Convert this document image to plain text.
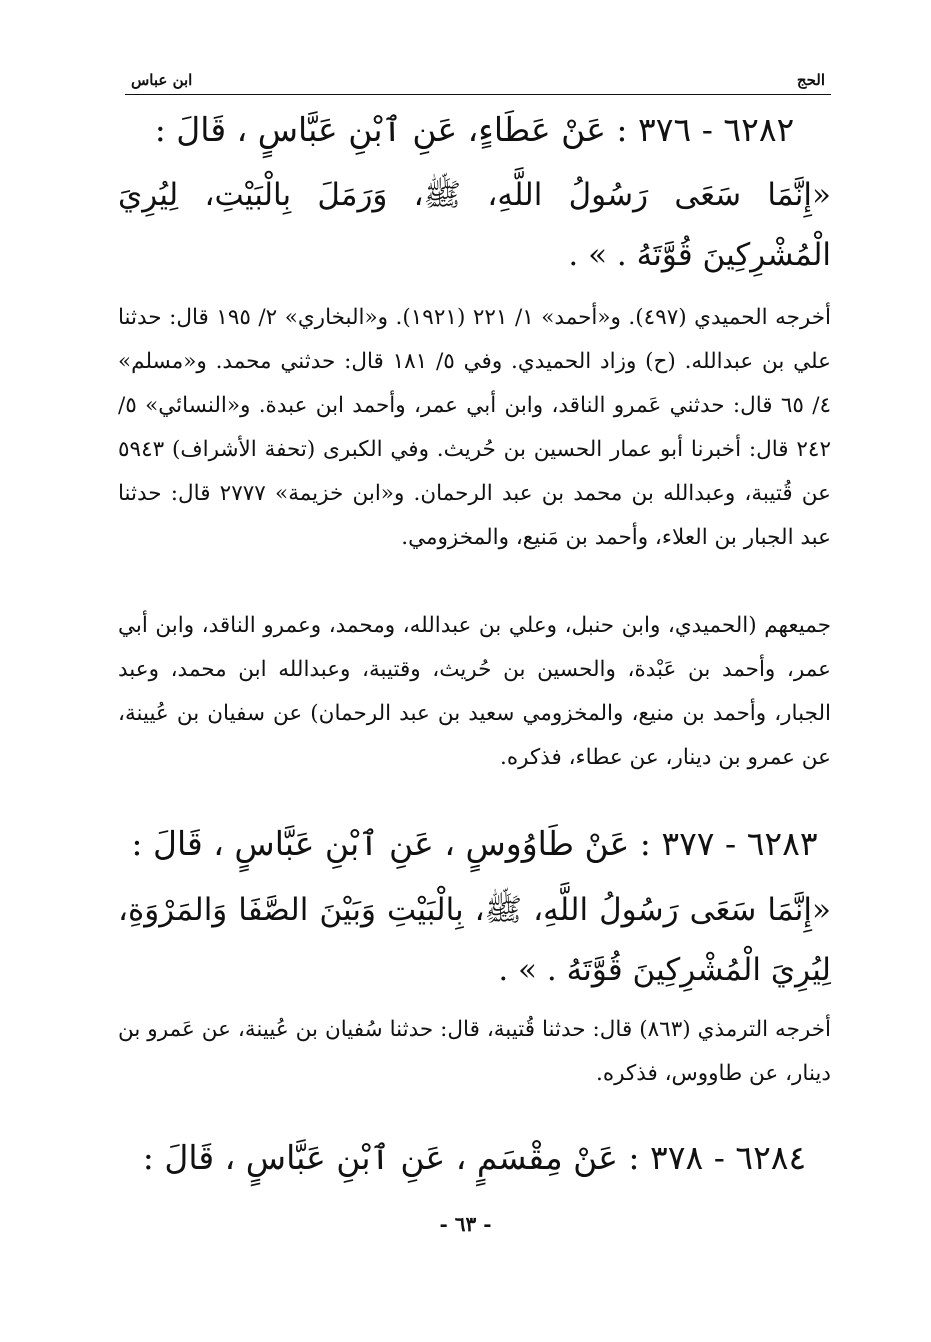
الحج
ابن عباس
٦٢٨٢ - ٣٧٦ : عَنْ عَطَاءٍ، عَنِ ٱبْنِ عَبَّاسٍ ، قَالَ :
«إِنَّمَا سَعَى رَسُولُ اللَّهِ، ﷺ، وَرَمَلَ بِالْبَيْتِ، لِيُرِيَ الْمُشْرِكِينَ قُوَّتَهُ . » .
أخرجه الحميدي (٤٩٧). و«أحمد» ١/ ٢٢١ (١٩٢١). و«البخاري» ٢/ ١٩٥ قال: حدثنا علي بن عبدالله. (ح) وزاد الحميدي. وفي ٥/ ١٨١ قال: حدثني محمد. و«مسلم» ٤/ ٦٥ قال: حدثني عَمرو الناقد، وابن أبي عمر، وأحمد ابن عبدة. و«النسائي» ٥/ ٢٤٢ قال: أخبرنا أبو عمار الحسين بن حُريث. وفي الكبرى (تحفة الأشراف) ٥٩٤٣ عن قُتيبة، وعبدالله بن محمد بن عبد الرحمان. و«ابن خزيمة» ٢٧٧٧ قال: حدثنا عبد الجبار بن العلاء، وأحمد بن مَنيع، والمخزومي.
جميعهم (الحميدي، وابن حنبل، وعلي بن عبدالله، ومحمد، وعمرو الناقد، وابن أبي عمر، وأحمد بن عَبْدة، والحسين بن حُريث، وقتيبة، وعبدالله ابن محمد، وعبد الجبار، وأحمد بن منيع، والمخزومي سعيد بن عبد الرحمان) عن سفيان بن عُيينة، عن عمرو بن دينار، عن عطاء، فذكره.
٦٢٨٣ - ٣٧٧ : عَنْ طَاوُوسٍ ، عَنِ ٱبْنِ عَبَّاسٍ ، قَالَ :
«إِنَّمَا سَعَى رَسُولُ اللَّهِ، ﷺ، بِالْبَيْتِ وَبَيْنَ الصَّفَا وَالمَرْوَةِ، لِيُرِيَ الْمُشْرِكِينَ قُوَّتَهُ . » .
أخرجه الترمذي (٨٦٣) قال: حدثنا قُتيبة، قال: حدثنا سُفيان بن عُيينة، عن عَمرو بن دينار، عن طاووس، فذكره.
٦٢٨٤ - ٣٧٨ : عَنْ مِقْسَمٍ ، عَنِ ٱبْنِ عَبَّاسٍ ، قَالَ :
- ٦٣ -
